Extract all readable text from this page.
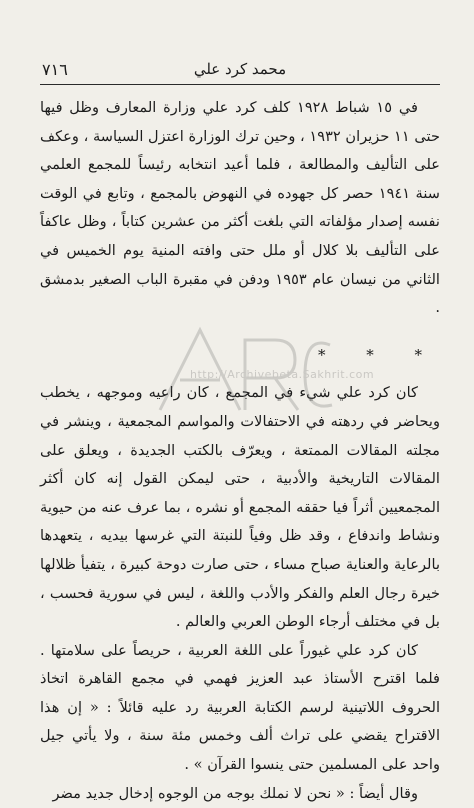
٧١٦	محمد كرد علي

في ١٥ شباط ١٩٢٨ كلف كرد علي وزارة المعارف وظل فيها حتى ١١ حزيران ١٩٣٢ ، وحين ترك الوزارة اعتزل السياسة ، وعكف على التأليف والمطالعة ، فلما أعيد انتخابه رئيساً للمجمع العلمي سنة ١٩٤١ حصر كل جهوده في النهوض بالمجمع ، وتابع في الوقت نفسه إصدار مؤلفاته التي بلغت أكثر من عشرين كتاباً ، وظل عاكفاً على التأليف بلا كلال أو ملل حتى وافته المنية يوم الخميس في الثاني من نيسان عام ١٩٥٣ ودفن في مقبرة الباب الصغير بدمشق .

* * *

كان كرد علي شيء في المجمع ، كان راعيه وموجهه ، يخطب ويحاضر في ردهته في الاحتفالات والمواسم المجمعية ، وينشر في مجلته المقالات الممتعة ، ويعرّف بالكتب الجديدة ، ويعلق على المقالات التاريخية والأدبية ، حتى ليمكن القول إنه كان أكثر المجمعيين أثراً فيا حققه المجمع أو نشره ، بما عرف عنه من حيوية ونشاط واندفاع ، وقد ظل وفياً للنبتة التي غرسها بيديه ، يتعهدها بالرعاية والعناية صباح مساء ، حتى صارت دوحة كبيرة ، يتفيأ ظلالها خيرة رجال العلم والفكر والأدب واللغة ، ليس في سورية فحسب ، بل في مختلف أرجاء الوطن العربي والعالم .

كان كرد علي غيوراً على اللغة العربية ، حريصاً على سلامتها . فلما اقترح الأستاذ عبد العزيز فهمي في مجمع القاهرة اتخاذ الحروف اللاتينية لرسم الكتابة العربية رد عليه قائلاً : « إن هذا الاقتراح يقضي على تراث ألف وخمس مئة سنة ، ولا يأتي جيل واحد على المسلمين حتى ينسوا القرآن » .

وقال أيضاً : « نحن لا نملك بوجه من الوجوه إدخال جديد مضر

http://Archivebeta.Sakhrit.com
